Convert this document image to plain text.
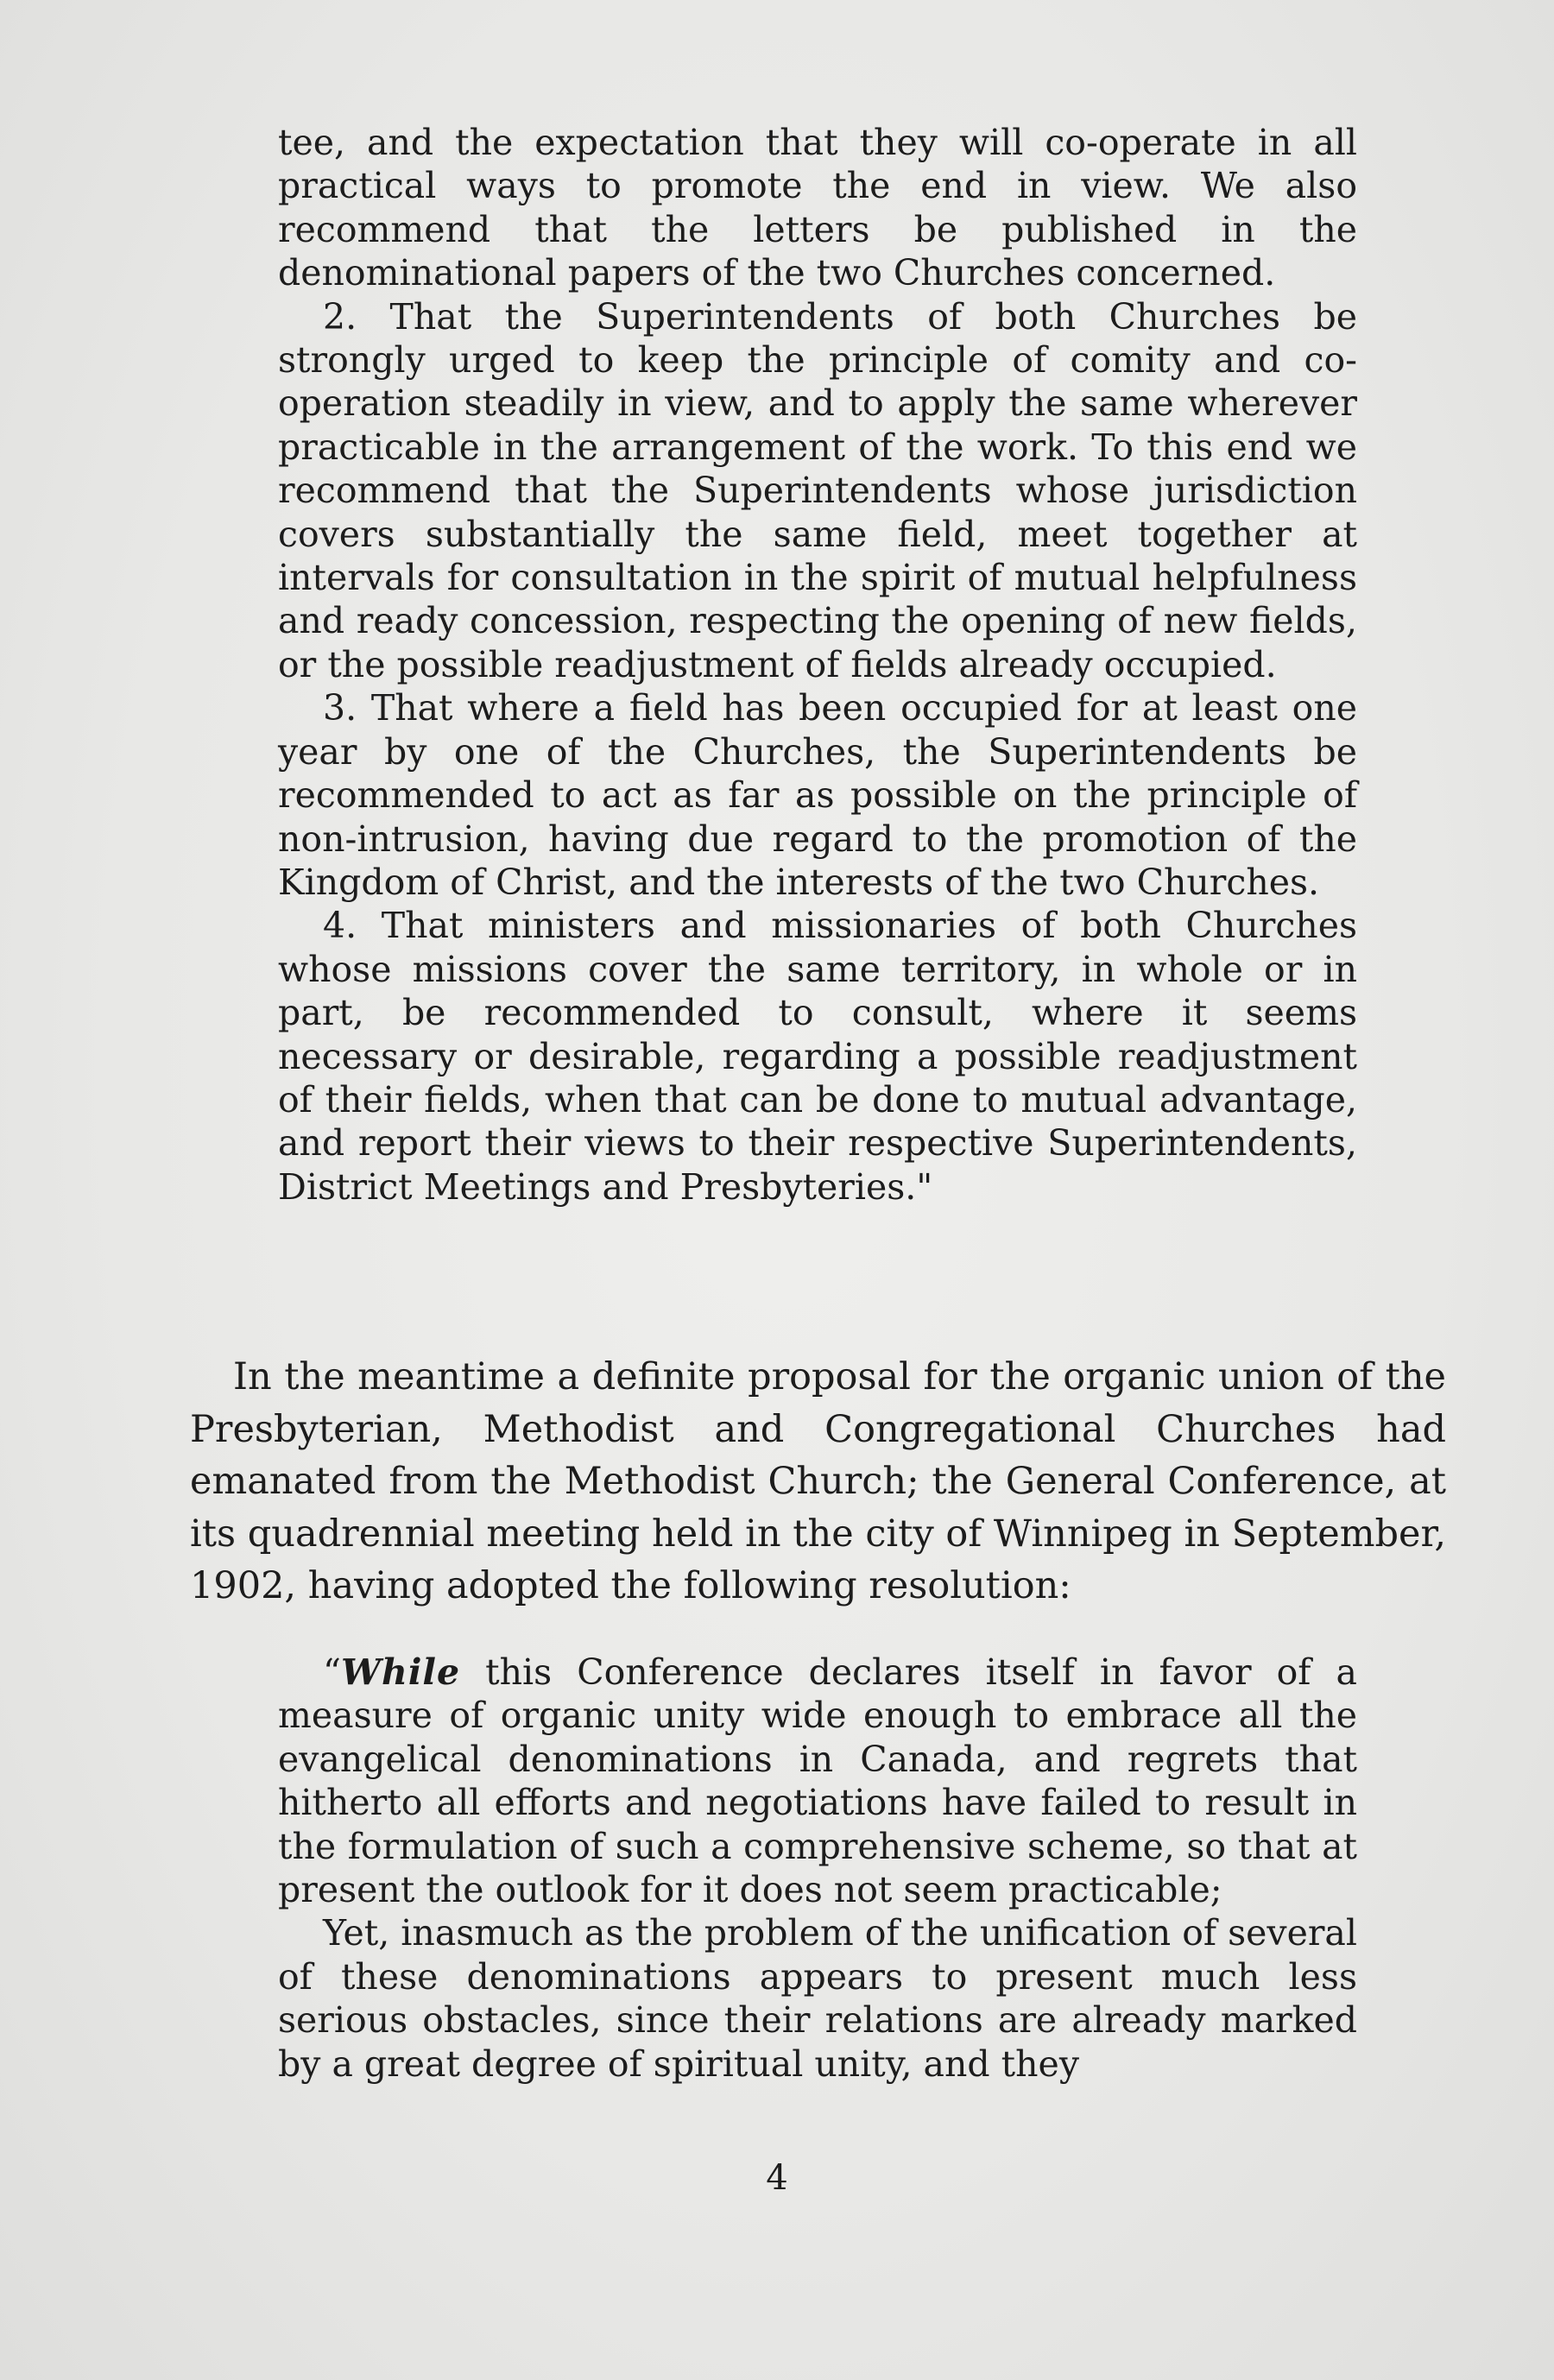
tee, and the expectation that they will co-operate in all practical ways to promote the end in view. We also recommend that the letters be published in the denominational papers of the two Churches concerned.

2. That the Superintendents of both Churches be strongly urged to keep the principle of comity and co-operation steadily in view, and to apply the same wherever practicable in the arrangement of the work. To this end we recommend that the Superintendents whose jurisdiction covers substantially the same field, meet together at intervals for consultation in the spirit of mutual helpfulness and ready concession, respecting the opening of new fields, or the possible readjustment of fields already occupied.

3. That where a field has been occupied for at least one year by one of the Churches, the Superintendents be recommended to act as far as possible on the principle of non-intrusion, having due regard to the promotion of the Kingdom of Christ, and the interests of the two Churches.

4. That ministers and missionaries of both Churches whose missions cover the same territory, in whole or in part, be recommended to consult, where it seems necessary or desirable, regarding a possible readjustment of their fields, when that can be done to mutual advantage, and report their views to their respective Superintendents, District Meetings and Presbyteries."

In the meantime a definite proposal for the organic union of the Presbyterian, Methodist and Congregational Churches had emanated from the Methodist Church; the General Conference, at its quadrennial meeting held in the city of Winnipeg in September, 1902, having adopted the following resolution:

“While this Conference declares itself in favor of a measure of organic unity wide enough to embrace all the evangelical denominations in Canada, and regrets that hitherto all efforts and negotiations have failed to result in the formulation of such a comprehensive scheme, so that at present the outlook for it does not seem practicable;

Yet, inasmuch as the problem of the unification of several of these denominations appears to present much less serious obstacles, since their relations are already marked by a great degree of spiritual unity, and they

4
